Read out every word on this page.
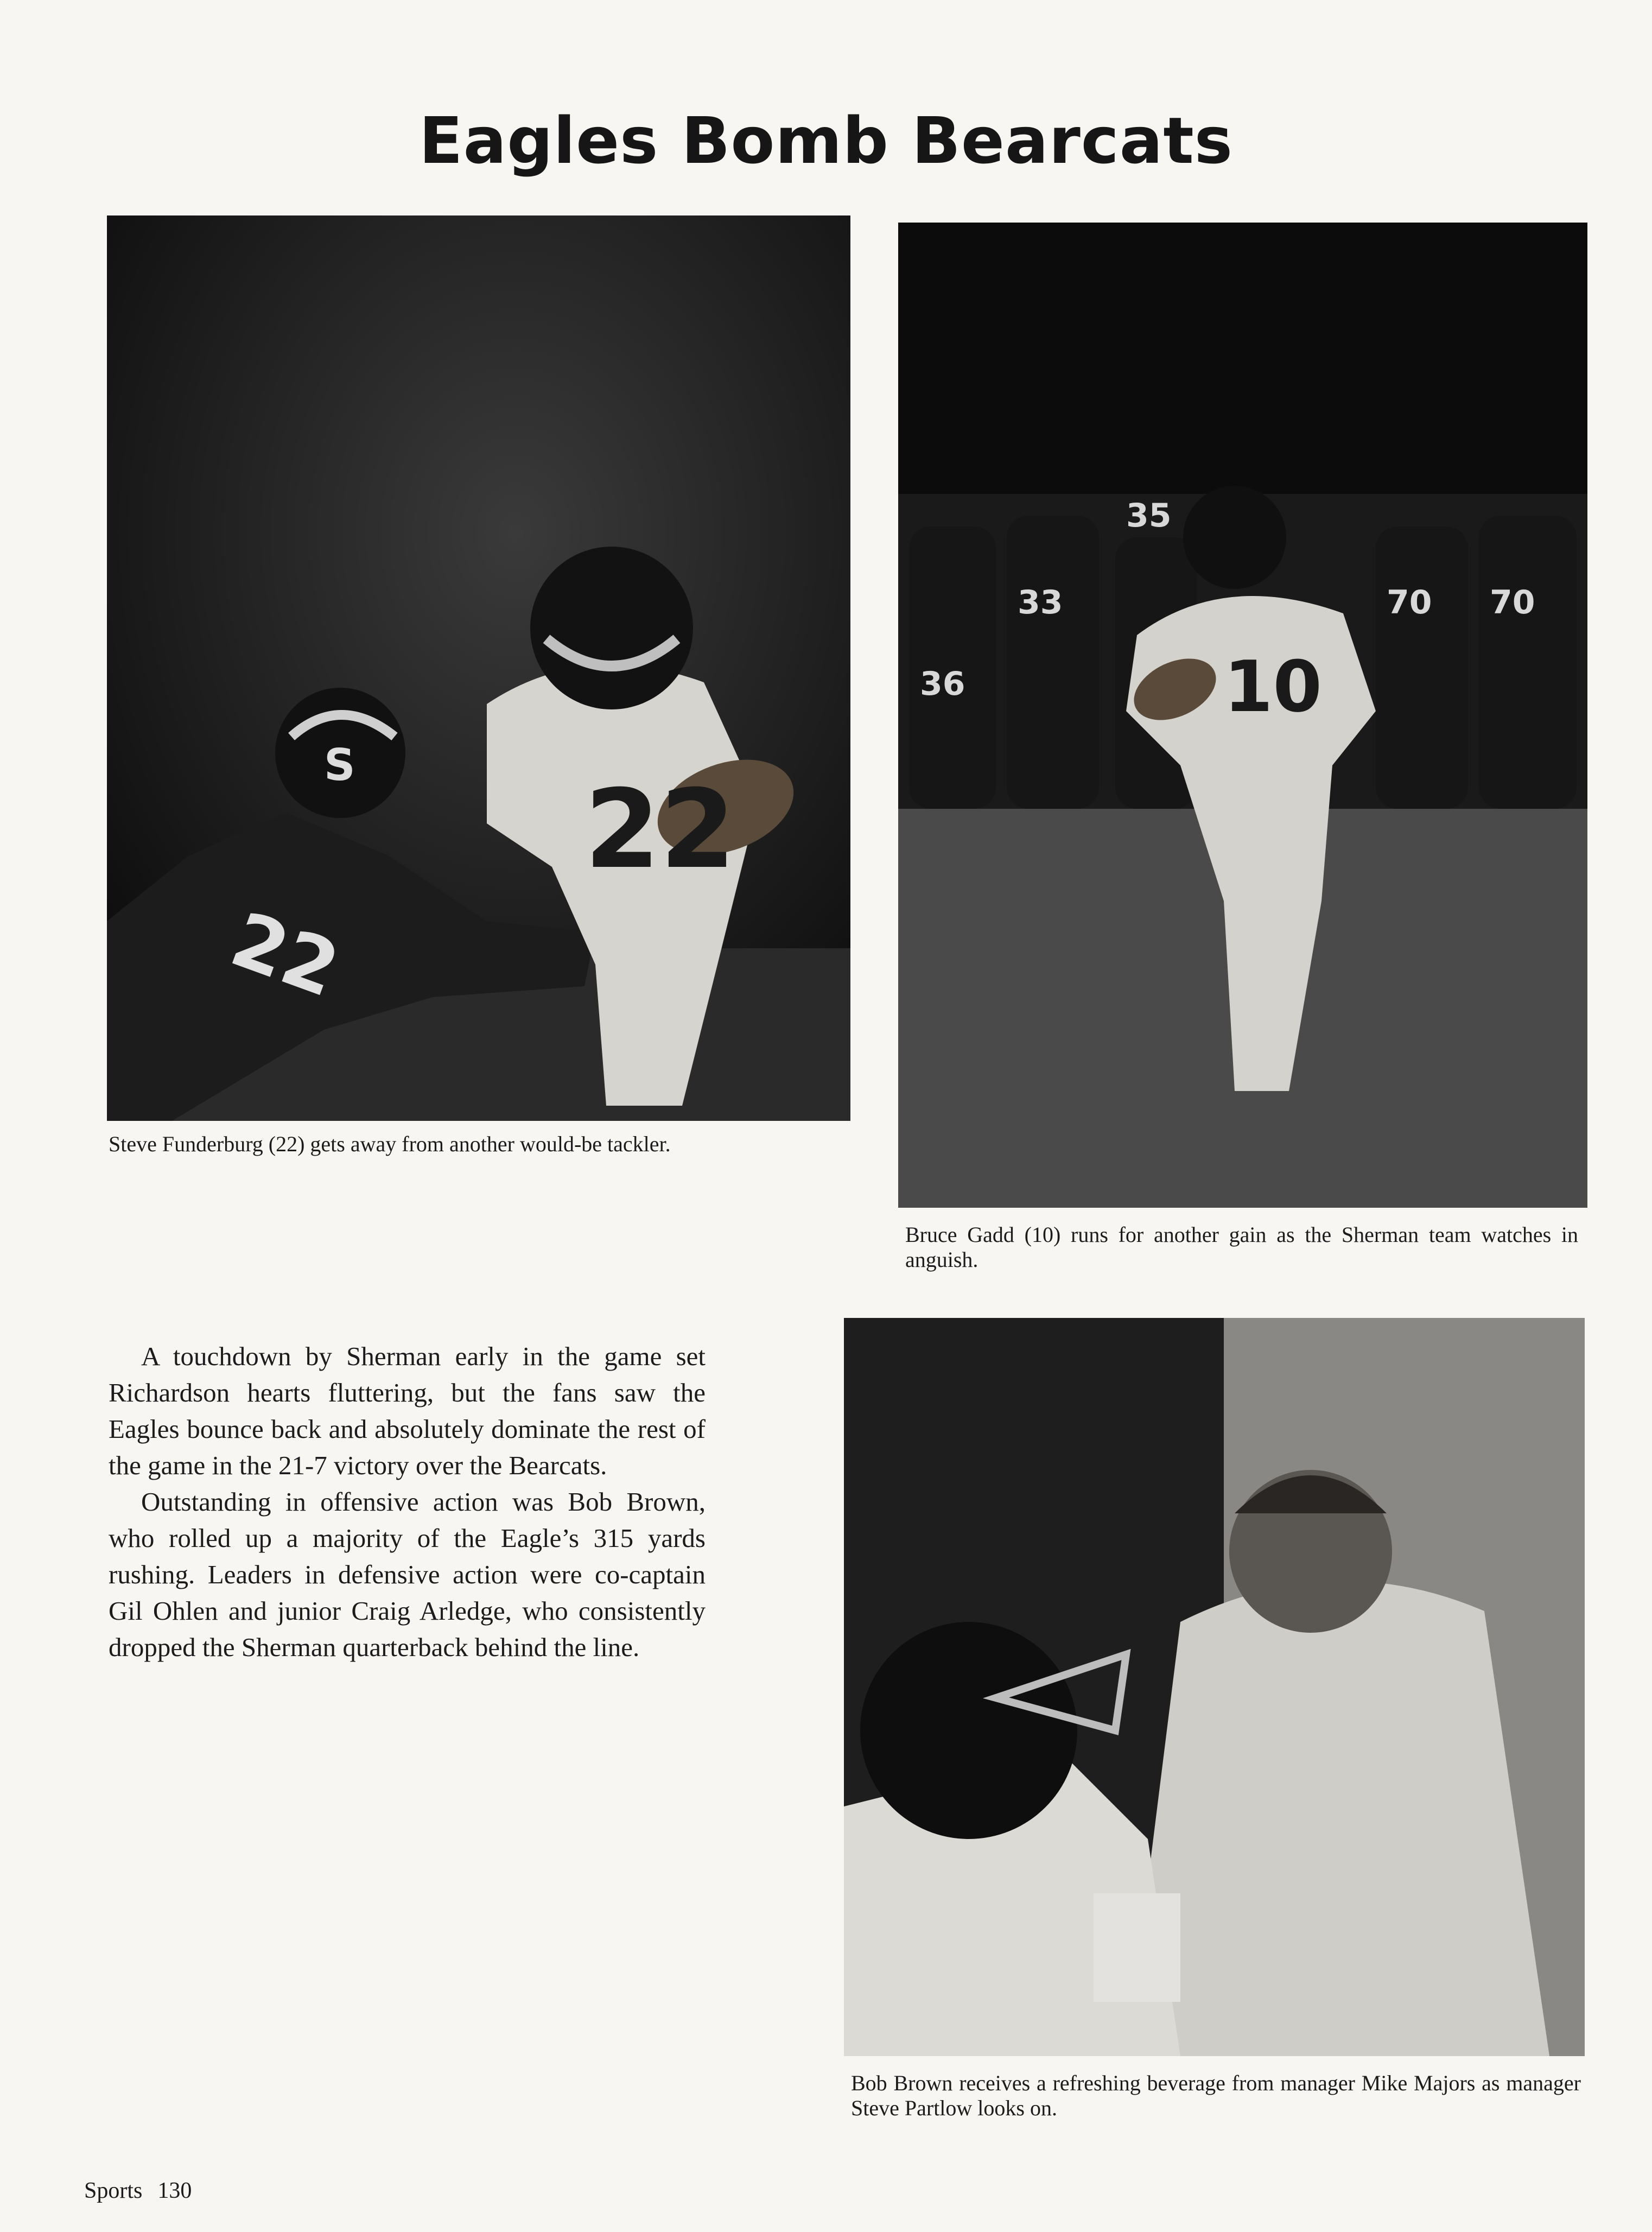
Eagles Bomb Bearcats
S
22
22
Steve Funderburg (22) gets away from another would-be tackler.
33
35
36
70 70
10
Bruce Gadd (10) runs for another gain as the Sherman team watches in anguish.

A touchdown by Sherman early in the game set Richardson hearts fluttering, but the fans saw the Eagles bounce back and absolutely dominate the rest of the game in the 21-7 victory over the Bearcats.

Outstanding in offensive action was Bob Brown, who rolled up a majority of the Eagle’s 315 yards rushing. Leaders in defensive action were co-captain Gil Ohlen and junior Craig Arledge, who consistently dropped the Sherman quarterback behind the line.

Bob Brown receives a refreshing beverage from manager Mike Majors as manager Steve Partlow looks on.
Sports 130
